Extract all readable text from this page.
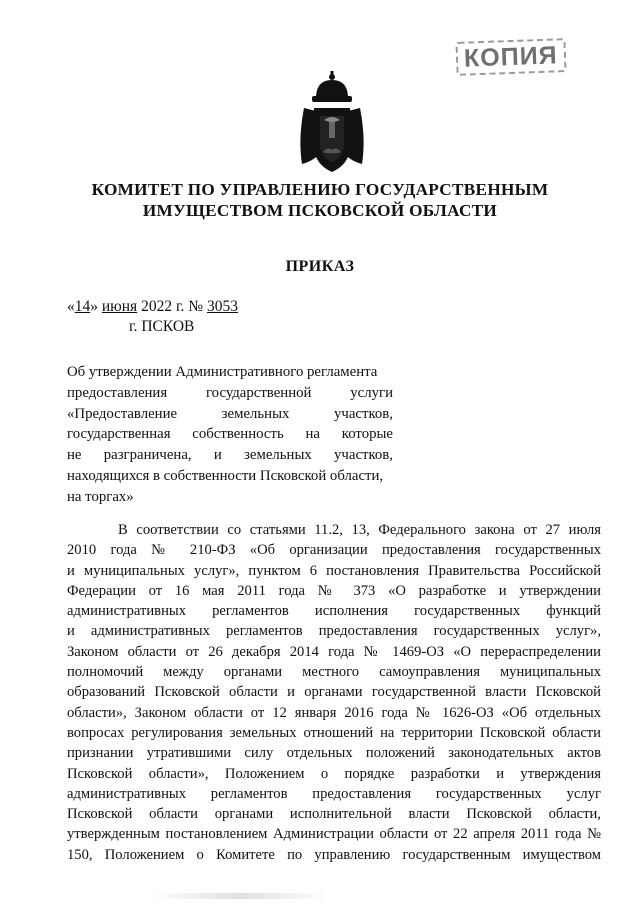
КОПИЯ
КОМИТЕТ ПО УПРАВЛЕНИЮ ГОСУДАРСТВЕННЫМ
ИМУЩЕСТВОМ ПСКОВСКОЙ ОБЛАСТИ
ПРИКАЗ
«14» июня 2022 г. № 3053
г. ПСКОВ
Об утверждении Административного регламента
предоставления государственной услуги
«Предоставление земельных участков,
государственная собственность на которые
не разграничена, и земельных участков,
находящихся в собственности Псковской области,
на торгах»
В соответствии со статьями 11.2, 13, Федерального закона от 27 июля
2010 года № 210-ФЗ «Об организации предоставления государственных
и муниципальных услуг», пунктом 6 постановления Правительства Российской
Федерации от 16 мая 2011 года № 373 «О разработке и утверждении
административных регламентов исполнения государственных функций
и административных регламентов предоставления государственных услуг»,
Законом области от 26 декабря 2014 года № 1469-ОЗ «О перераспределении
полномочий между органами местного самоуправления муниципальных
образований Псковской области и органами государственной власти Псковской
области», Законом области от 12 января 2016 года № 1626-ОЗ «Об отдельных
вопросах регулирования земельных отношений на территории Псковской области
признании утратившими силу отдельных положений законодательных актов
Псковской области», Положением о порядке разработки и утверждения
административных регламентов предоставления государственных услуг
Псковской области органами исполнительной власти Псковской области,
утвержденным постановлением Администрации области от 22 апреля 2011 года №
150, Положением о Комитете по управлению государственным имуществом
